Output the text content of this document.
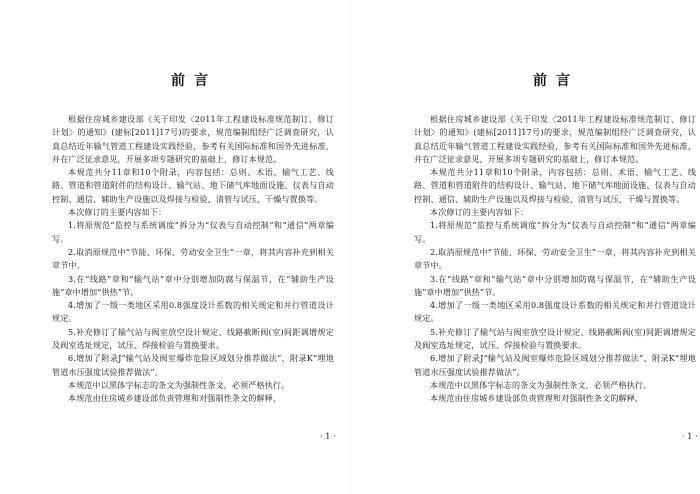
前言

根据住房城乡建设部《关于印发〈2011年工程建设标准规范制订、修订计划〉的通知》(建标[2011]17号)的要求，规范编制组经广泛调查研究，认真总结近年输气管道工程建设实践经验，参考有关国际标准和国外先进标准，并在广泛征求意见，开展多项专题研究的基础上，修订本规范。

本规范共分11章和10个附录，内容包括：总则、术语、输气工艺、线路、管道和管道附件的结构设计、输气站、地下储气库地面设施、仪表与自动控制、通信、辅助生产设施以及焊接与检验、清管与试压、干燥与置换等。

本次修订的主要内容如下：

1.将原规范“监控与系统调度”拆分为“仪表与自动控制”和“通信”两章编写。

2.取消原规范中“节能、环保、劳动安全卫生”一章，将其内容补充到相关章节中。

3.在“线路”章和“输气站”章中分别增加防腐与保温节，在“辅助生产设施”章中增加“供热”节。

4.增加了一级一类地区采用0.8强度设计系数的相关规定和并行管道设计规定。

5.补充修订了输气站与阀室放空设计规定、线路截断阀(室)间距调增规定及阀室选址规定，试压、焊接检验与置换要求。

6.增加了附录J“输气站及阀室爆炸危险区域划分推荐做法”、附录K“埋地管道水压强度试验推荐做法”。

本规范中以黑体字标志的条文为强制性条文，必须严格执行。

本规范由住房城乡建设部负责管理和对强制性条文的解释，

· 1 ·
前言

根据住房城乡建设部《关于印发〈2011年工程建设标准规范制订、修订计划〉的通知》(建标[2011]17号)的要求，规范编制组经广泛调查研究，认真总结近年输气管道工程建设实践经验，参考有关国际标准和国外先进标准，并在广泛征求意见，开展多项专题研究的基础上，修订本规范。

本规范共分11章和10个附录，内容包括：总则、术语、输气工艺、线路、管道和管道附件的结构设计、输气站、地下储气库地面设施、仪表与自动控制、通信、辅助生产设施以及焊接与检验、清管与试压、干燥与置换等。

本次修订的主要内容如下：

1.将原规范“监控与系统调度”拆分为“仪表与自动控制”和“通信”两章编写。

2.取消原规范中“节能、环保、劳动安全卫生”一章，将其内容补充到相关章节中。

3.在“线路”章和“输气站”章中分别增加防腐与保温节，在“辅助生产设施”章中增加“供热”节。

4.增加了一级一类地区采用0.8强度设计系数的相关规定和并行管道设计规定。

5.补充修订了输气站与阀室放空设计规定、线路截断阀(室)间距调增规定及阀室选址规定，试压、焊接检验与置换要求。

6.增加了附录J“输气站及阀室爆炸危险区域划分推荐做法”、附录K“埋地管道水压强度试验推荐做法”。

本规范中以黑体字标志的条文为强制性条文，必须严格执行。

本规范由住房城乡建设部负责管理和对强制性条文的解释，

· 1 ·
